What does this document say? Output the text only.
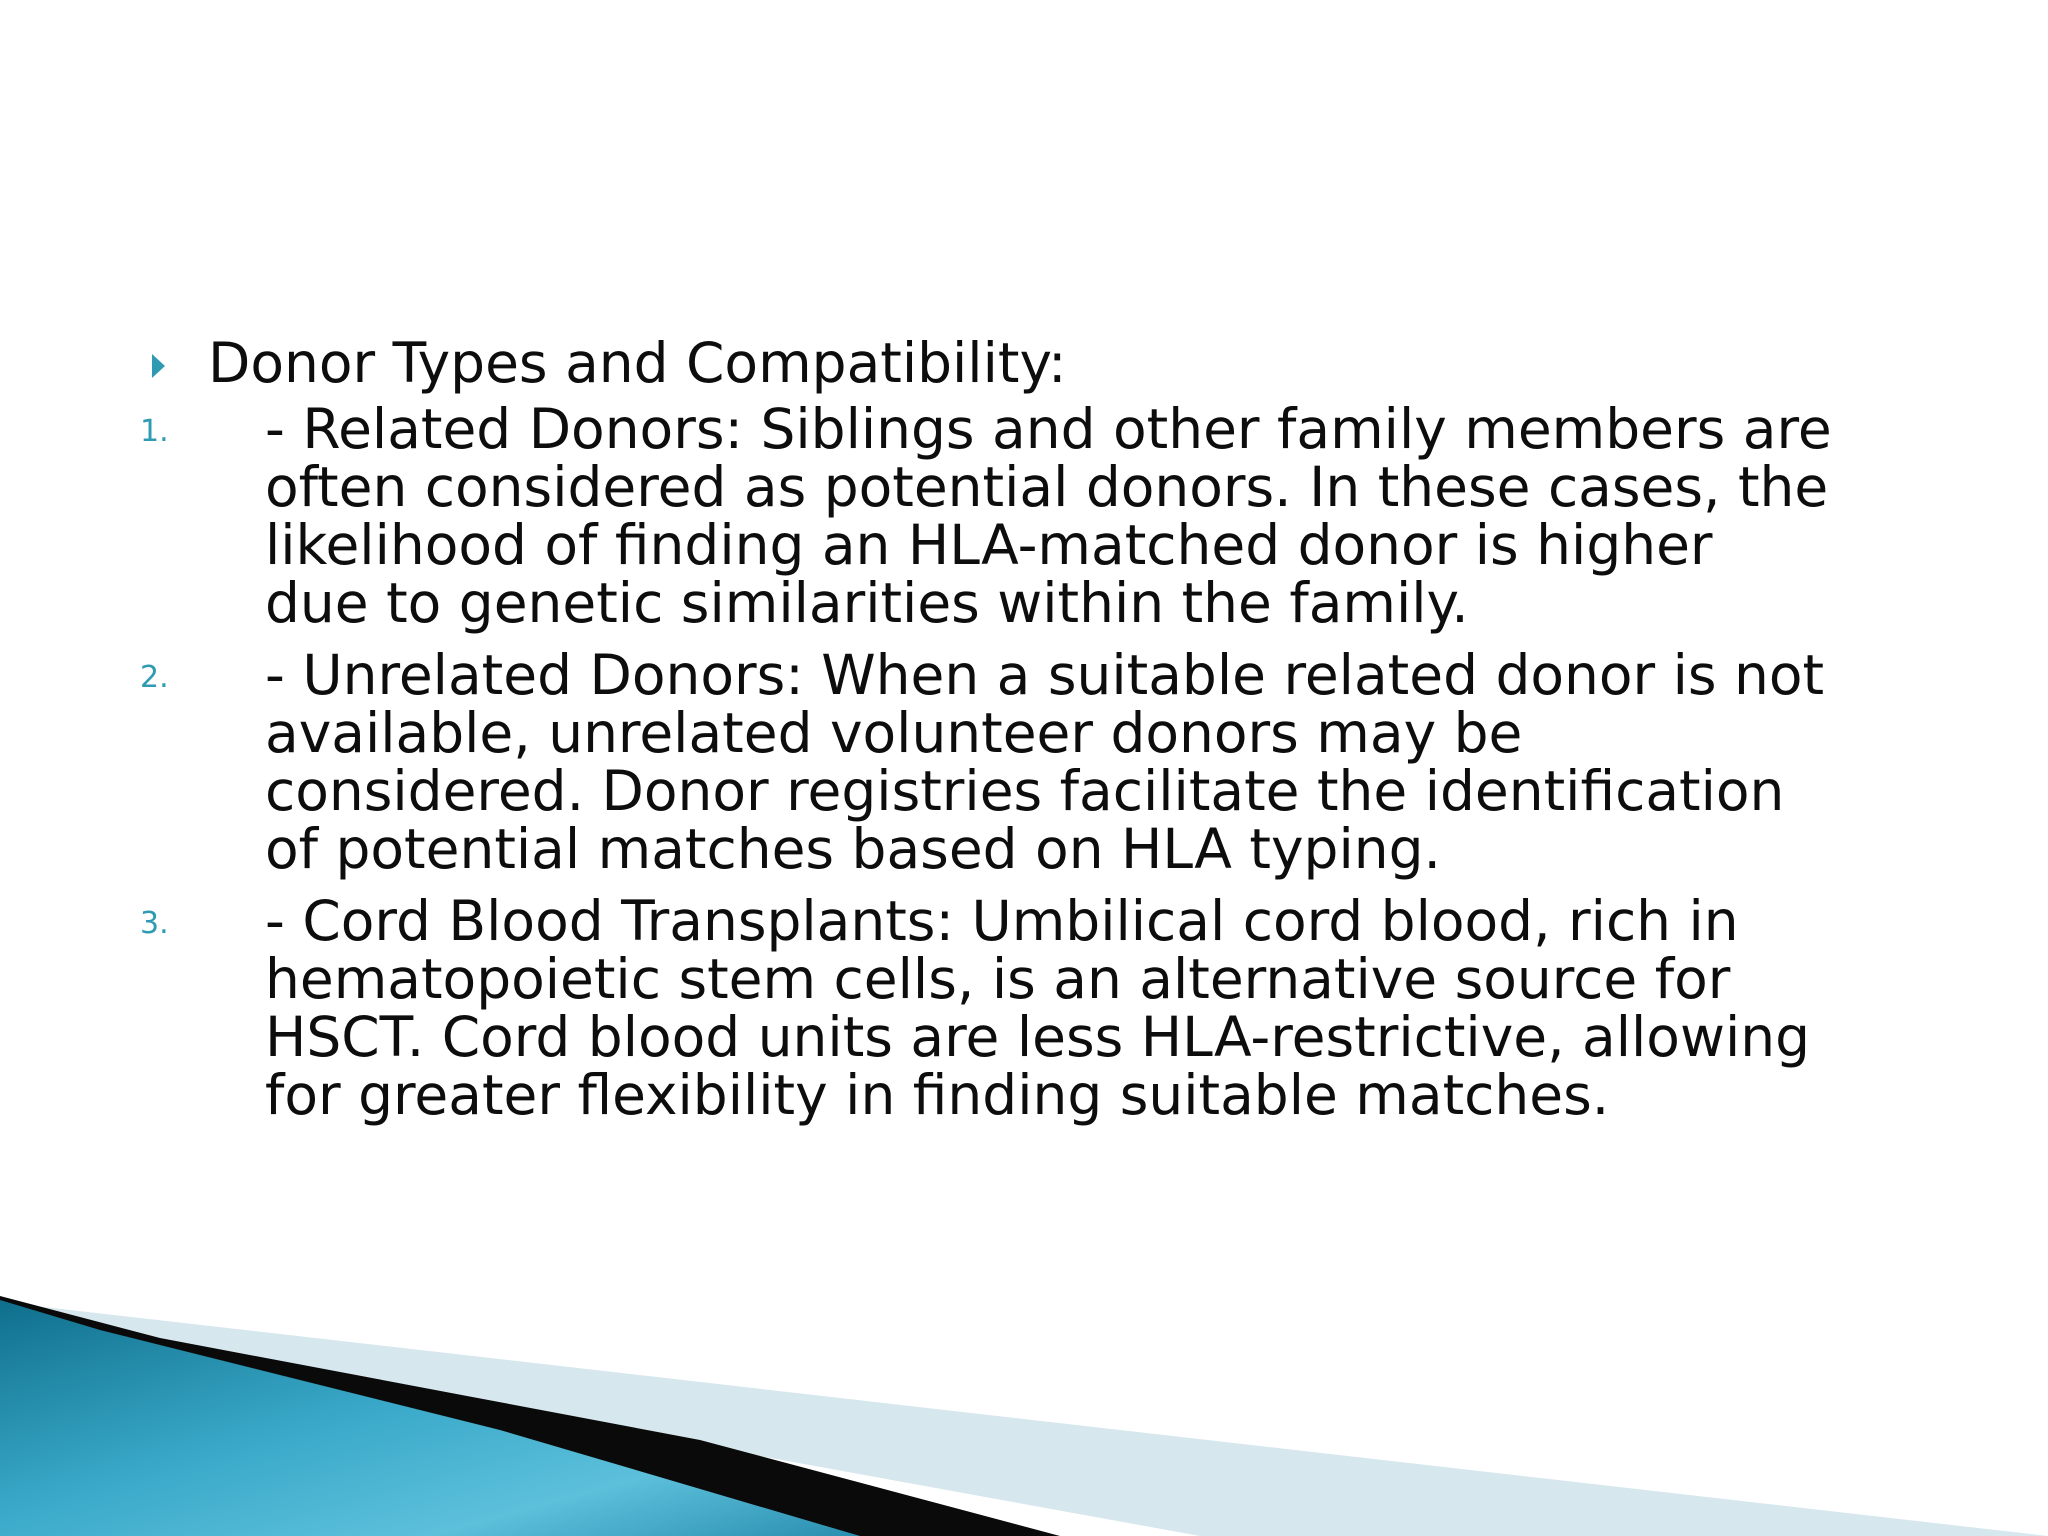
Donor Types and Compatibility:
1. - Related Donors: Siblings and other family members are
often considered as potential donors. In these cases, the
likelihood of finding an HLA-matched donor is higher
due to genetic similarities within the family.
2. - Unrelated Donors: When a suitable related donor is not
available, unrelated volunteer donors may be
considered. Donor registries facilitate the identification
of potential matches based on HLA typing.
3. - Cord Blood Transplants: Umbilical cord blood, rich in
hematopoietic stem cells, is an alternative source for
HSCT. Cord blood units are less HLA-restrictive, allowing
for greater flexibility in finding suitable matches.
